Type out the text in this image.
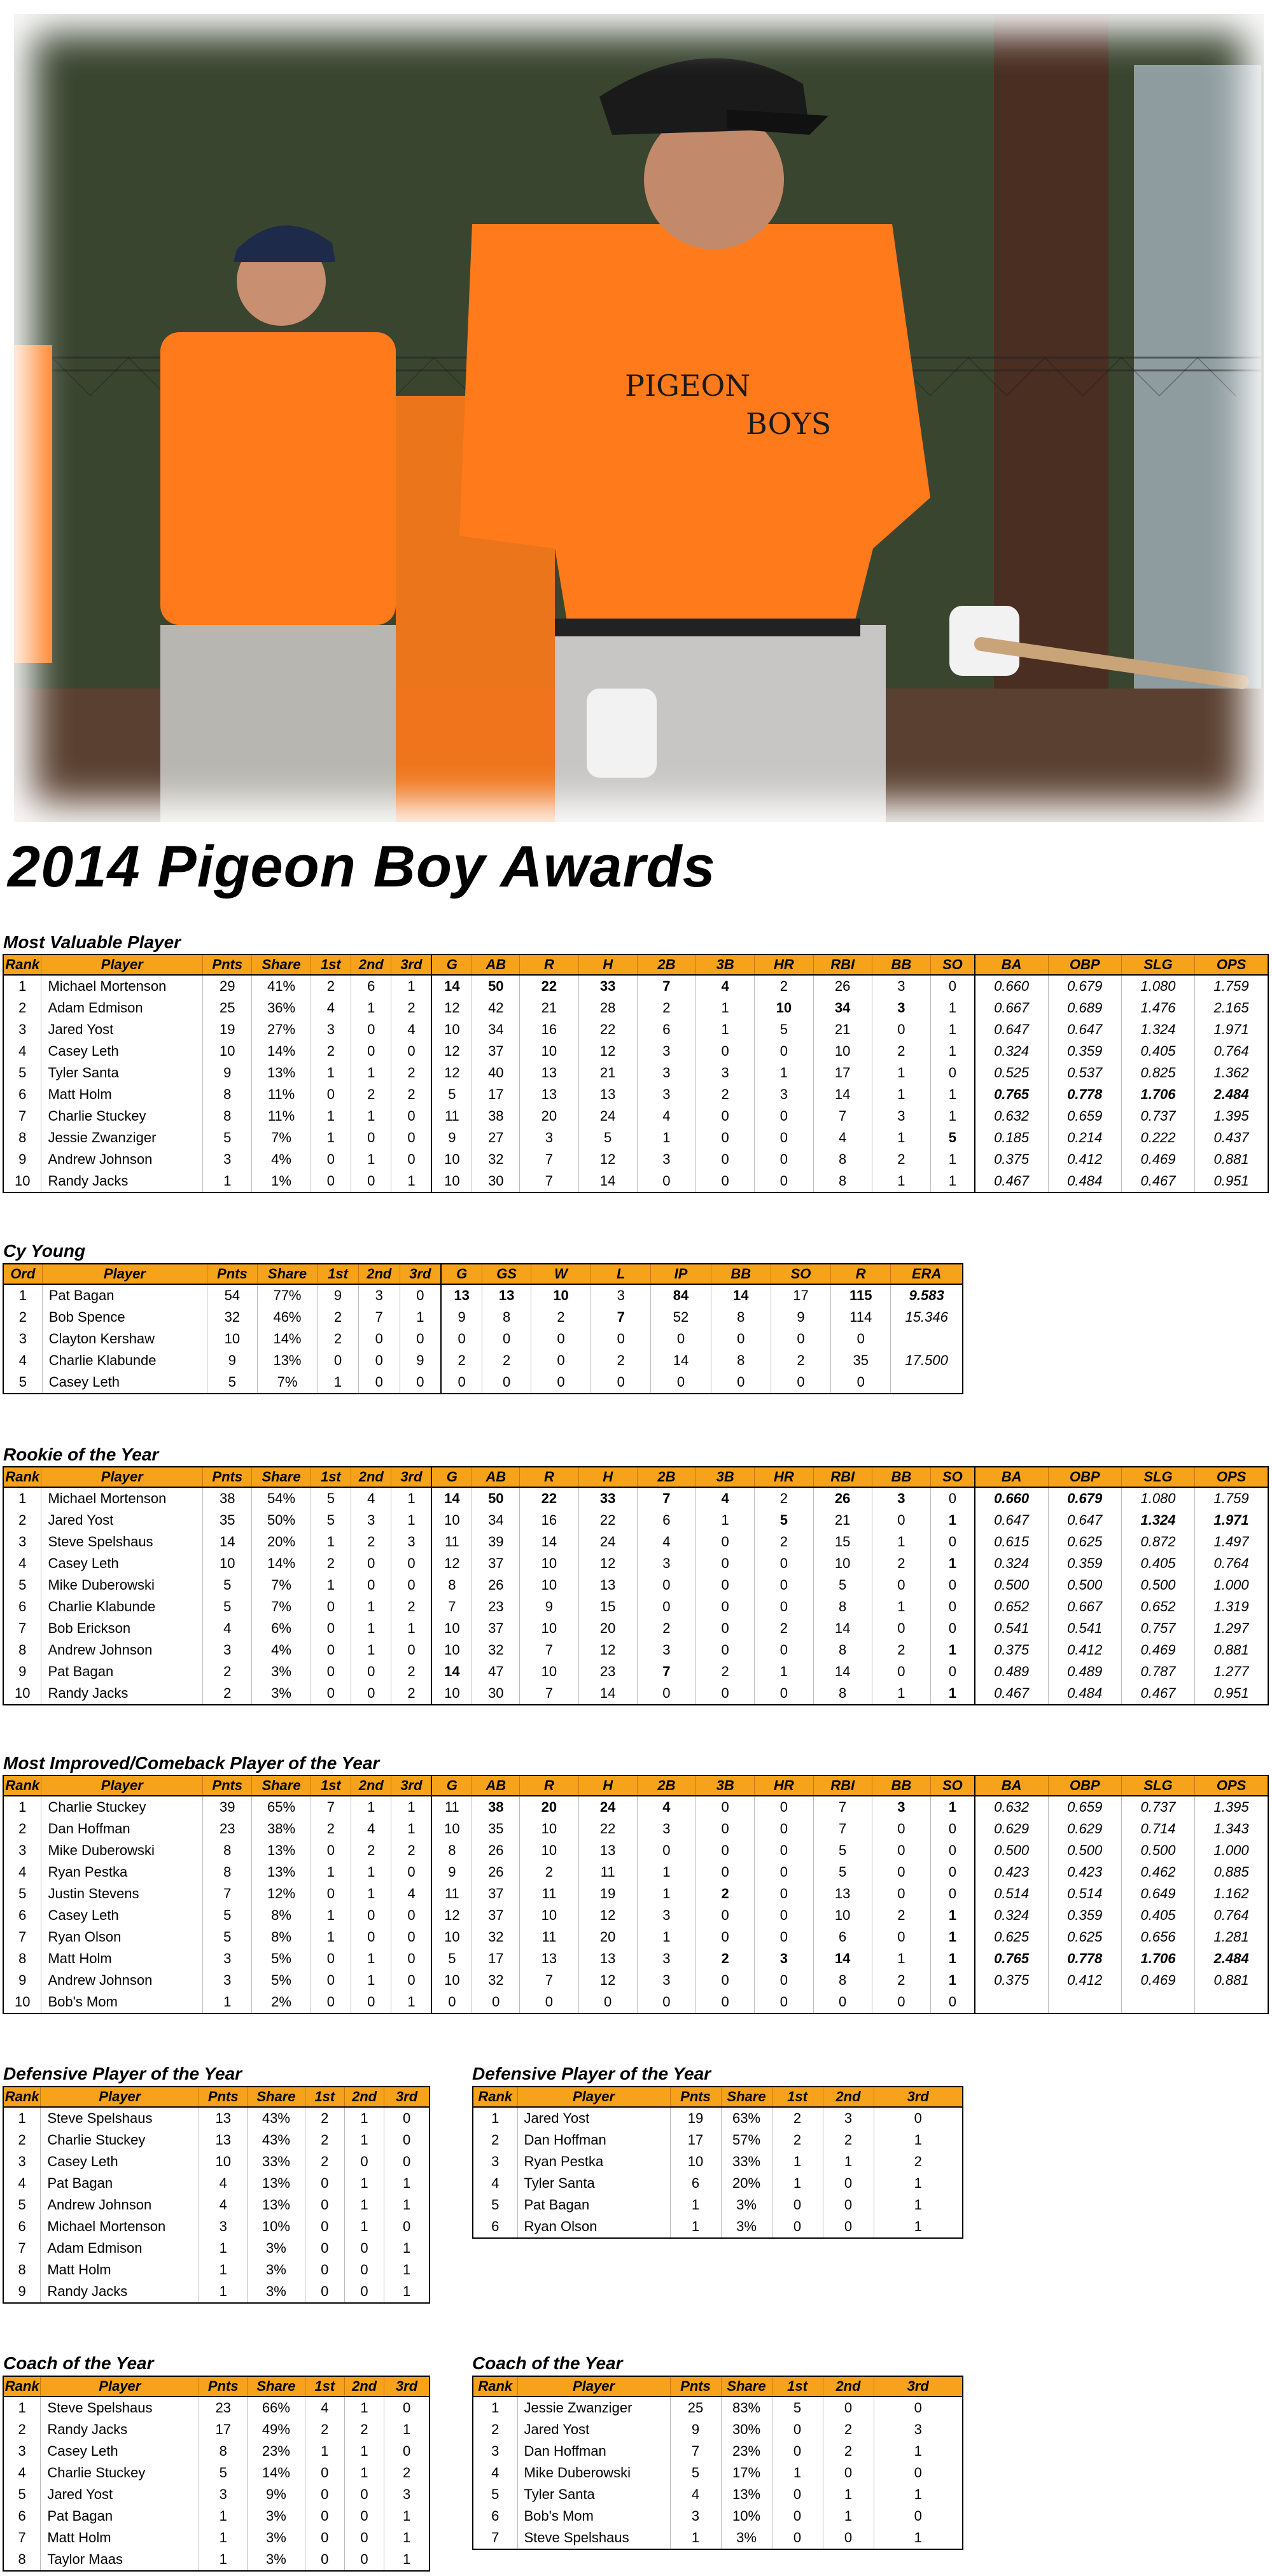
PIGEON
BOYS
2014 Pigeon Boy Awards
Most Valuable Player
Rank	Player	Pnts	Share	1st	2nd	3rd	G	AB	R	H	2B	3B	HR	RBI	BB	SO	BA	OBP	SLG	OPS
1	Michael Mortenson	29	41%	2	6	1	14	50	22	33	7	4	2	26	3	0	0.660	0.679	1.080	1.759
2	Adam Edmison	25	36%	4	1	2	12	42	21	28	2	1	10	34	3	1	0.667	0.689	1.476	2.165
3	Jared Yost	19	27%	3	0	4	10	34	16	22	6	1	5	21	0	1	0.647	0.647	1.324	1.971
4	Casey Leth	10	14%	2	0	0	12	37	10	12	3	0	0	10	2	1	0.324	0.359	0.405	0.764
5	Tyler Santa	9	13%	1	1	2	12	40	13	21	3	3	1	17	1	0	0.525	0.537	0.825	1.362
6	Matt Holm	8	11%	0	2	2	5	17	13	13	3	2	3	14	1	1	0.765	0.778	1.706	2.484
7	Charlie Stuckey	8	11%	1	1	0	11	38	20	24	4	0	0	7	3	1	0.632	0.659	0.737	1.395
8	Jessie Zwanziger	5	7%	1	0	0	9	27	3	5	1	0	0	4	1	5	0.185	0.214	0.222	0.437
9	Andrew Johnson	3	4%	0	1	0	10	32	7	12	3	0	0	8	2	1	0.375	0.412	0.469	0.881
10	Randy Jacks	1	1%	0	0	1	10	30	7	14	0	0	0	8	1	1	0.467	0.484	0.467	0.951
Cy Young
Ord	Player	Pnts	Share	1st	2nd	3rd	G	GS	W	L	IP	BB	SO	R	ERA
1	Pat Bagan	54	77%	9	3	0	13	13	10	3	84	14	17	115	9.583
2	Bob Spence	32	46%	2	7	1	9	8	2	7	52	8	9	114	15.346
3	Clayton Kershaw	10	14%	2	0	0	0	0	0	0	0	0	0	0	
4	Charlie Klabunde	9	13%	0	0	9	2	2	0	2	14	8	2	35	17.500
5	Casey Leth	5	7%	1	0	0	0	0	0	0	0	0	0	0	
Rookie of the Year
Rank	Player	Pnts	Share	1st	2nd	3rd	G	AB	R	H	2B	3B	HR	RBI	BB	SO	BA	OBP	SLG	OPS
1	Michael Mortenson	38	54%	5	4	1	14	50	22	33	7	4	2	26	3	0	0.660	0.679	1.080	1.759
2	Jared Yost	35	50%	5	3	1	10	34	16	22	6	1	5	21	0	1	0.647	0.647	1.324	1.971
3	Steve Spelshaus	14	20%	1	2	3	11	39	14	24	4	0	2	15	1	0	0.615	0.625	0.872	1.497
4	Casey Leth	10	14%	2	0	0	12	37	10	12	3	0	0	10	2	1	0.324	0.359	0.405	0.764
5	Mike Duberowski	5	7%	1	0	0	8	26	10	13	0	0	0	5	0	0	0.500	0.500	0.500	1.000
6	Charlie Klabunde	5	7%	0	1	2	7	23	9	15	0	0	0	8	1	0	0.652	0.667	0.652	1.319
7	Bob Erickson	4	6%	0	1	1	10	37	10	20	2	0	2	14	0	0	0.541	0.541	0.757	1.297
8	Andrew Johnson	3	4%	0	1	0	10	32	7	12	3	0	0	8	2	1	0.375	0.412	0.469	0.881
9	Pat Bagan	2	3%	0	0	2	14	47	10	23	7	2	1	14	0	0	0.489	0.489	0.787	1.277
10	Randy Jacks	2	3%	0	0	2	10	30	7	14	0	0	0	8	1	1	0.467	0.484	0.467	0.951
Most Improved/Comeback Player of the Year
Rank	Player	Pnts	Share	1st	2nd	3rd	G	AB	R	H	2B	3B	HR	RBI	BB	SO	BA	OBP	SLG	OPS
1	Charlie Stuckey	39	65%	7	1	1	11	38	20	24	4	0	0	7	3	1	0.632	0.659	0.737	1.395
2	Dan Hoffman	23	38%	2	4	1	10	35	10	22	3	0	0	7	0	0	0.629	0.629	0.714	1.343
3	Mike Duberowski	8	13%	0	2	2	8	26	10	13	0	0	0	5	0	0	0.500	0.500	0.500	1.000
4	Ryan Pestka	8	13%	1	1	0	9	26	2	11	1	0	0	5	0	0	0.423	0.423	0.462	0.885
5	Justin Stevens	7	12%	0	1	4	11	37	11	19	1	2	0	13	0	0	0.514	0.514	0.649	1.162
6	Casey Leth	5	8%	1	0	0	12	37	10	12	3	0	0	10	2	1	0.324	0.359	0.405	0.764
7	Ryan Olson	5	8%	1	0	0	10	32	11	20	1	0	0	6	0	1	0.625	0.625	0.656	1.281
8	Matt Holm	3	5%	0	1	0	5	17	13	13	3	2	3	14	1	1	0.765	0.778	1.706	2.484
9	Andrew Johnson	3	5%	0	1	0	10	32	7	12	3	0	0	8	2	1	0.375	0.412	0.469	0.881
10	Bob's Mom	1	2%	0	0	1	0	0	0	0	0	0	0	0	0	0				
Defensive Player of the Year
Rank	Player	Pnts	Share	1st	2nd	3rd
1	Steve Spelshaus	13	43%	2	1	0
2	Charlie Stuckey	13	43%	2	1	0
3	Casey Leth	10	33%	2	0	0
4	Pat Bagan	4	13%	0	1	1
5	Andrew Johnson	4	13%	0	1	1
6	Michael Mortenson	3	10%	0	1	0
7	Adam Edmison	1	3%	0	0	1
8	Matt Holm	1	3%	0	0	1
9	Randy Jacks	1	3%	0	0	1
Defensive Player of the Year
Rank	Player	Pnts	Share	1st	2nd	3rd
1	Jared Yost	19	63%	2	3	0
2	Dan Hoffman	17	57%	2	2	1
3	Ryan Pestka	10	33%	1	1	2
4	Tyler Santa	6	20%	1	0	1
5	Pat Bagan	1	3%	0	0	1
6	Ryan Olson	1	3%	0	0	1
Coach of the Year
Rank	Player	Pnts	Share	1st	2nd	3rd
1	Steve Spelshaus	23	66%	4	1	0
2	Randy Jacks	17	49%	2	2	1
3	Casey Leth	8	23%	1	1	0
4	Charlie Stuckey	5	14%	0	1	2
5	Jared Yost	3	9%	0	0	3
6	Pat Bagan	1	3%	0	0	1
7	Matt Holm	1	3%	0	0	1
8	Taylor Maas	1	3%	0	0	1
Coach of the Year
Rank	Player	Pnts	Share	1st	2nd	3rd
1	Jessie Zwanziger	25	83%	5	0	0
2	Jared Yost	9	30%	0	2	3
3	Dan Hoffman	7	23%	0	2	1
4	Mike Duberowski	5	17%	1	0	0
5	Tyler Santa	4	13%	0	1	1
6	Bob's Mom	3	10%	0	1	0
7	Steve Spelshaus	1	3%	0	0	1
